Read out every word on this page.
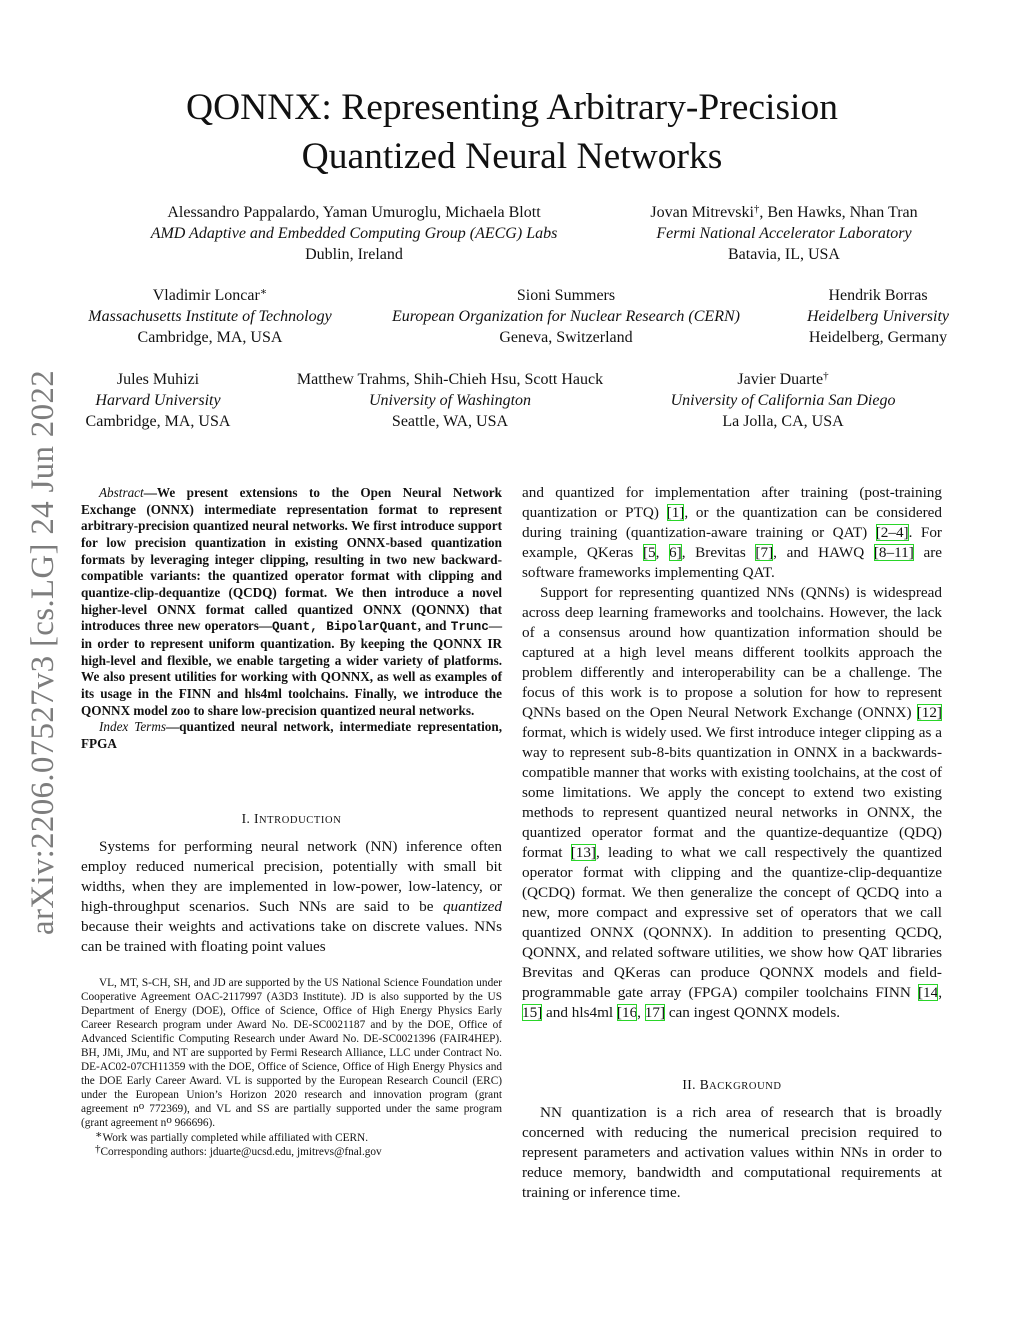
arXiv:2206.07527v3 [cs.LG] 24 Jun 2022
QONNX: Representing Arbitrary-Precision
Quantized Neural Networks
Alessandro Pappalardo, Yaman Umuroglu, Michaela Blott
AMD Adaptive and Embedded Computing Group (AECG) Labs
Dublin, Ireland
Jovan Mitrevski†, Ben Hawks, Nhan Tran
Fermi National Accelerator Laboratory
Batavia, IL, USA
Vladimir Loncar∗
Massachusetts Institute of Technology
Cambridge, MA, USA
Sioni Summers
European Organization for Nuclear Research (CERN)
Geneva, Switzerland
Hendrik Borras
Heidelberg University
Heidelberg, Germany
Jules Muhizi
Harvard University
Cambridge, MA, USA
Matthew Trahms, Shih-Chieh Hsu, Scott Hauck
University of Washington
Seattle, WA, USA
Javier Duarte†
University of California San Diego
La Jolla, CA, USA

Abstract—We present extensions to the Open Neural Network Exchange (ONNX) intermediate representation format to represent arbitrary-precision quantized neural networks. We first introduce support for low precision quantization in existing ONNX-based quantization formats by leveraging integer clipping, resulting in two new backward-compatible variants: the quantized operator format with clipping and quantize-clip-dequantize (QCDQ) format. We then introduce a novel higher-level ONNX format called quantized ONNX (QONNX) that introduces three new operators—Quant, BipolarQuant, and Trunc—in order to represent uniform quantization. By keeping the QONNX IR high-level and flexible, we enable targeting a wider variety of platforms. We also present utilities for working with QONNX, as well as examples of its usage in the FINN and hls4ml toolchains. Finally, we introduce the QONNX model zoo to share low-precision quantized neural networks.

Index Terms—quantized neural network, intermediate representation, FPGA

I. INTRODUCTION

Systems for performing neural network (NN) inference often employ reduced numerical precision, potentially with small bit widths, when they are implemented in low-power, low-latency, or high-throughput scenarios. Such NNs are said to be quantized because their weights and activations take on discrete values. NNs can be trained with floating point values

VL, MT, S-CH, SH, and JD are supported by the US National Science Foundation under Cooperative Agreement OAC-2117997 (A3D3 Institute). JD is also supported by the US Department of Energy (DOE), Office of Science, Office of High Energy Physics Early Career Research program under Award No. DE-SC0021187 and by the DOE, Office of Advanced Scientific Computing Research under Award No. DE-SC0021396 (FAIR4HEP). BH, JMi, JMu, and NT are supported by Fermi Research Alliance, LLC under Contract No. DE-AC02-07CH11359 with the DOE, Office of Science, Office of High Energy Physics and the DOE Early Career Award. VL is supported by the European Research Council (ERC) under the European Union’s Horizon 2020 research and innovation program (grant agreement $n^o$ 772369), and VL and SS are partially supported under the same program (grant agreement $n^o$ 966696).

∗Work was partially completed while affiliated with CERN.

†Corresponding authors: jduarte@ucsd.edu, jmitrevs@fnal.gov

and quantized for implementation after training (post-training quantization or PTQ) [1], or the quantization can be considered during training (quantization-aware training or QAT) [2–4]. For example, QKeras [5, 6], Brevitas [7], and HAWQ [8–11] are software frameworks implementing QAT.

Support for representing quantized NNs (QNNs) is widespread across deep learning frameworks and toolchains. However, the lack of a consensus around how quantization information should be captured at a high level means different toolkits approach the problem differently and interoperability can be a challenge. The focus of this work is to propose a solution for how to represent QNNs based on the Open Neural Network Exchange (ONNX) [12] format, which is widely used. We first introduce integer clipping as a way to represent sub-8-bits quantization in ONNX in a backwards-compatible manner that works with existing toolchains, at the cost of some limitations. We apply the concept to extend two existing methods to represent quantized neural networks in ONNX, the quantized operator format and the quantize-dequantize (QDQ) format [13], leading to what we call respectively the quantized operator format with clipping and the quantize-clip-dequantize (QCDQ) format. We then generalize the concept of QCDQ into a new, more compact and expressive set of operators that we call quantized ONNX (QONNX). In addition to presenting QCDQ, QONNX, and related software utilities, we show how QAT libraries Brevitas and QKeras can produce QONNX models and field-programmable gate array (FPGA) compiler toolchains FINN [14, 15] and hls4ml [16, 17] can ingest QONNX models.

II. BACKGROUND

NN quantization is a rich area of research that is broadly concerned with reducing the numerical precision required to represent parameters and activation values within NNs in order to reduce memory, bandwidth and computational requirements at training or inference time.
